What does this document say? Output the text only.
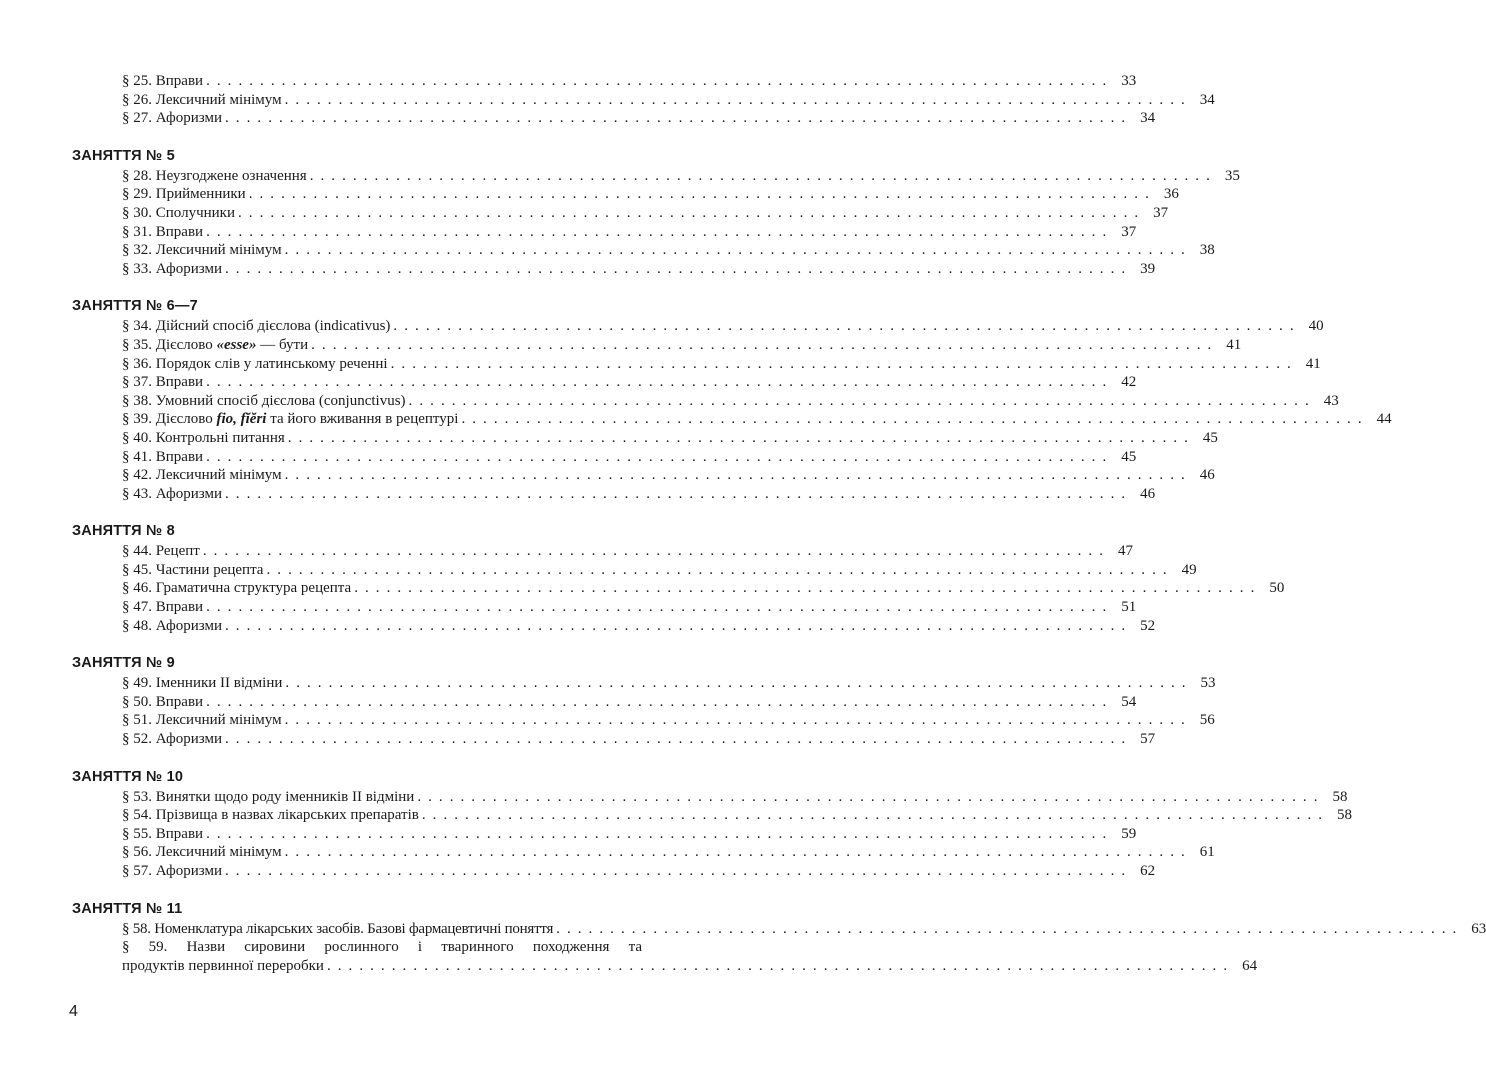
§ 25. Вправи . . .	33
§ 26. Лексичний мінімум . . .	34
§ 27. Афоризми . . .	34
ЗАНЯТТЯ № 5
§ 28. Неузгоджене означення . . .	35
§ 29. Прийменники . . .	36
§ 30. Сполучники . . .	37
§ 31. Вправи . . .	37
§ 32. Лексичний мінімум . . .	38
§ 33. Афоризми . . .	39
ЗАНЯТТЯ № 6—7
§ 34. Дійсний спосіб дієслова (indicativus) . . .	40
§ 35. Дієслово «esse» — бути . . .	41
§ 36. Порядок слів у латинському реченні . . .	41
§ 37. Вправи . . .	42
§ 38. Умовний спосіб дієслова (conjunctivus) . . .	43
§ 39. Дієслово fio, fĭĕri та його вживання в рецептурі . . .	44
§ 40. Контрольні питання . . .	45
§ 41. Вправи . . .	45
§ 42. Лексичний мінімум . . .	46
§ 43. Афоризми . . .	46
ЗАНЯТТЯ № 8
§ 44. Рецепт . . .	47
§ 45. Частини рецепта . . .	49
§ 46. Граматична структура рецепта . . .	50
§ 47. Вправи . . .	51
§ 48. Афоризми . . .	52
ЗАНЯТТЯ № 9
§ 49. Іменники II відміни . . .	53
§ 50. Вправи . . .	54
§ 51. Лексичний мінімум . . .	56
§ 52. Афоризми . . .	57
ЗАНЯТТЯ № 10
§ 53. Винятки щодо роду іменників II відміни . . .	58
§ 54. Прізвища в назвах лікарських препаратів . . .	58
§ 55. Вправи . . .	59
§ 56. Лексичний мінімум . . .	61
§ 57. Афоризми . . .	62
ЗАНЯТТЯ № 11
§ 58. Номенклатура лікарських засобів. Базові фармацевтичні поняття . . .	63
§ 59. Назви сировини рослинного і тваринного походження та
продуктів первинної переробки . . .	64
4
